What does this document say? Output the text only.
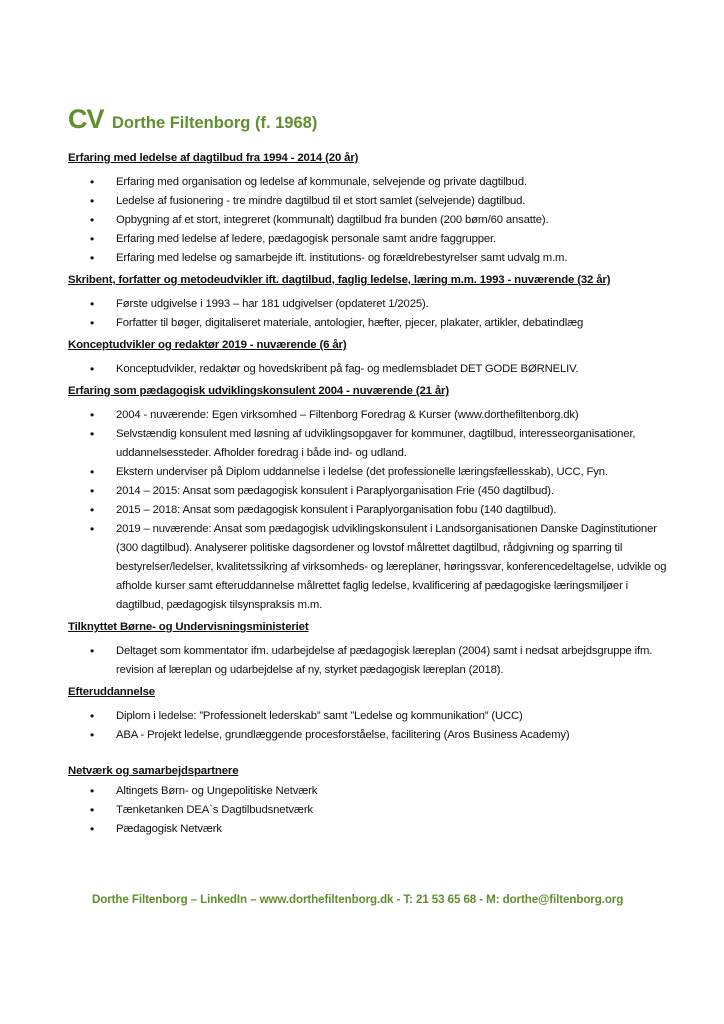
CV Dorthe Filtenborg (f. 1968)
Erfaring med ledelse af dagtilbud fra 1994 - 2014 (20 år)
• Erfaring med organisation og ledelse af kommunale, selvejende og private dagtilbud.
• Ledelse af fusionering - tre mindre dagtilbud til et stort samlet (selvejende) dagtilbud.
• Opbygning af et stort, integreret (kommunalt) dagtilbud fra bunden (200 børn/60 ansatte).
• Erfaring med ledelse af ledere, pædagogisk personale samt andre faggrupper.
• Erfaring med ledelse og samarbejde ift. institutions- og forældrebestyrelser samt udvalg m.m.
Skribent, forfatter og metodeudvikler ift. dagtilbud, faglig ledelse, læring m.m. 1993 - nuværende (32 år)
• Første udgivelse i 1993 – har 181 udgivelser (opdateret 1/2025).
• Forfatter til bøger, digitaliseret materiale, antologier, hæfter, pjecer, plakater, artikler, debatindlæg
Konceptudvikler og redaktør 2019 - nuværende (6 år)
• Konceptudvikler, redaktør og hovedskribent på fag- og medlemsbladet DET GODE BØRNELIV.
Erfaring som pædagogisk udviklingskonsulent 2004 - nuværende (21 år)
• 2004 - nuværende: Egen virksomhed – Filtenborg Foredrag & Kurser (www.dorthefiltenborg.dk)
• Selvstændig konsulent med løsning af udviklingsopgaver for kommuner, dagtilbud, interesseorganisationer, uddannelsessteder. Afholder foredrag i både ind- og udland.
• Ekstern underviser på Diplom uddannelse i ledelse (det professionelle læringsfællesskab), UCC, Fyn.
• 2014 – 2015: Ansat som pædagogisk konsulent i Paraplyorganisation Frie (450 dagtilbud).
• 2015 – 2018: Ansat som pædagogisk konsulent i Paraplyorganisation fobu (140 dagtilbud).
• 2019 – nuværende: Ansat som pædagogisk udviklingskonsulent i Landsorganisationen Danske Daginstitutioner (300 dagtilbud). Analyserer politiske dagsordener og lovstof målrettet dagtilbud, rådgivning og sparring til bestyrelser/ledelser, kvalitetssikring af virksomheds- og læreplaner, høringssvar, konferencedeltagelse, udvikle og afholde kurser samt efteruddannelse målrettet faglig ledelse, kvalificering af pædagogiske læringsmiljøer i dagtilbud, pædagogisk tilsynspraksis m.m.
Tilknyttet Børne- og Undervisningsministeriet
• Deltaget som kommentator ifm. udarbejdelse af pædagogisk læreplan (2004) samt i nedsat arbejdsgruppe ifm. revision af læreplan og udarbejdelse af ny, styrket pædagogisk læreplan (2018).
Efteruddannelse
• Diplom i ledelse: ”Professionelt lederskab” samt ”Ledelse og kommunikation” (UCC)
• ABA - Projekt ledelse, grundlæggende procesforståelse, facilitering (Aros Business Academy)
Netværk og samarbejdspartnere
• Altingets Børn- og Ungepolitiske Netværk
• Tænketanken DEA`s Dagtilbudsnetværk
• Pædagogisk Netværk
Dorthe Filtenborg – LinkedIn – www.dorthefiltenborg.dk - T: 21 53 65 68 - M: dorthe@filtenborg.org
